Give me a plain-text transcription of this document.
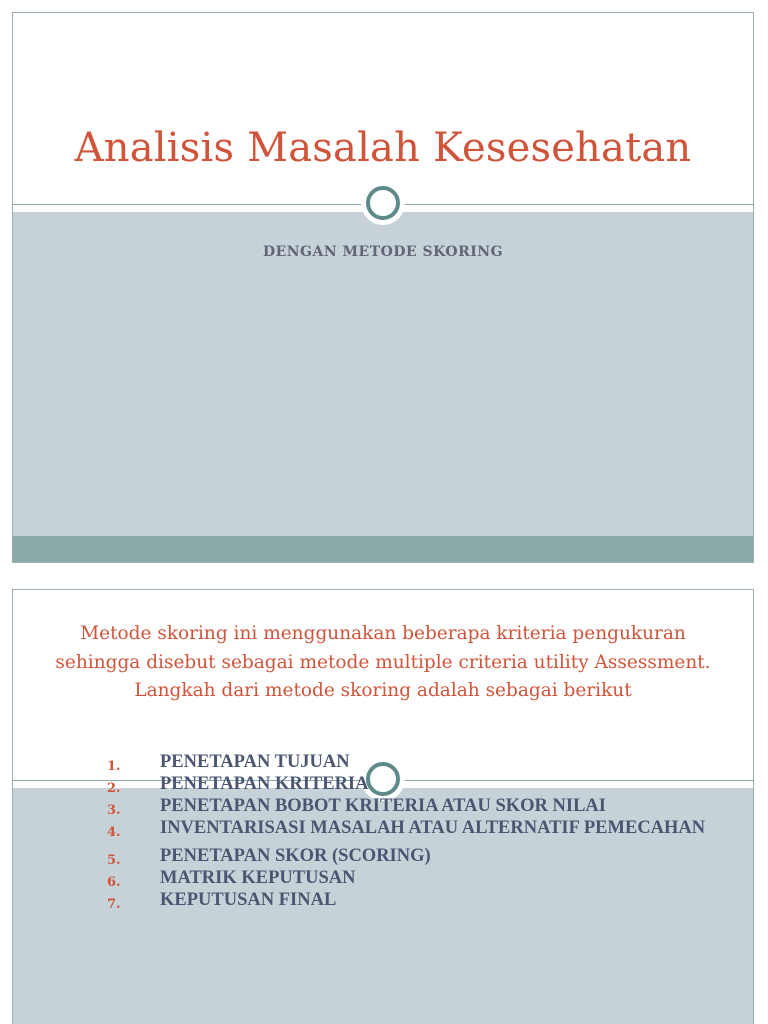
Analisis Masalah Kesesehatan
DENGAN METODE SKORING
Metode skoring ini menggunakan beberapa kriteria pengukuran sehingga disebut sebagai metode multiple criteria utility Assessment. Langkah dari metode skoring adalah sebagai berikut
1. PENETAPAN TUJUAN
2. PENETAPAN KRITERIA
3. PENETAPAN BOBOT KRITERIA ATAU SKOR NILAI
4. INVENTARISASI MASALAH ATAU ALTERNATIF PEMECAHAN
5. PENETAPAN SKOR (SCORING)
6. MATRIK KEPUTUSAN
7. KEPUTUSAN FINAL
